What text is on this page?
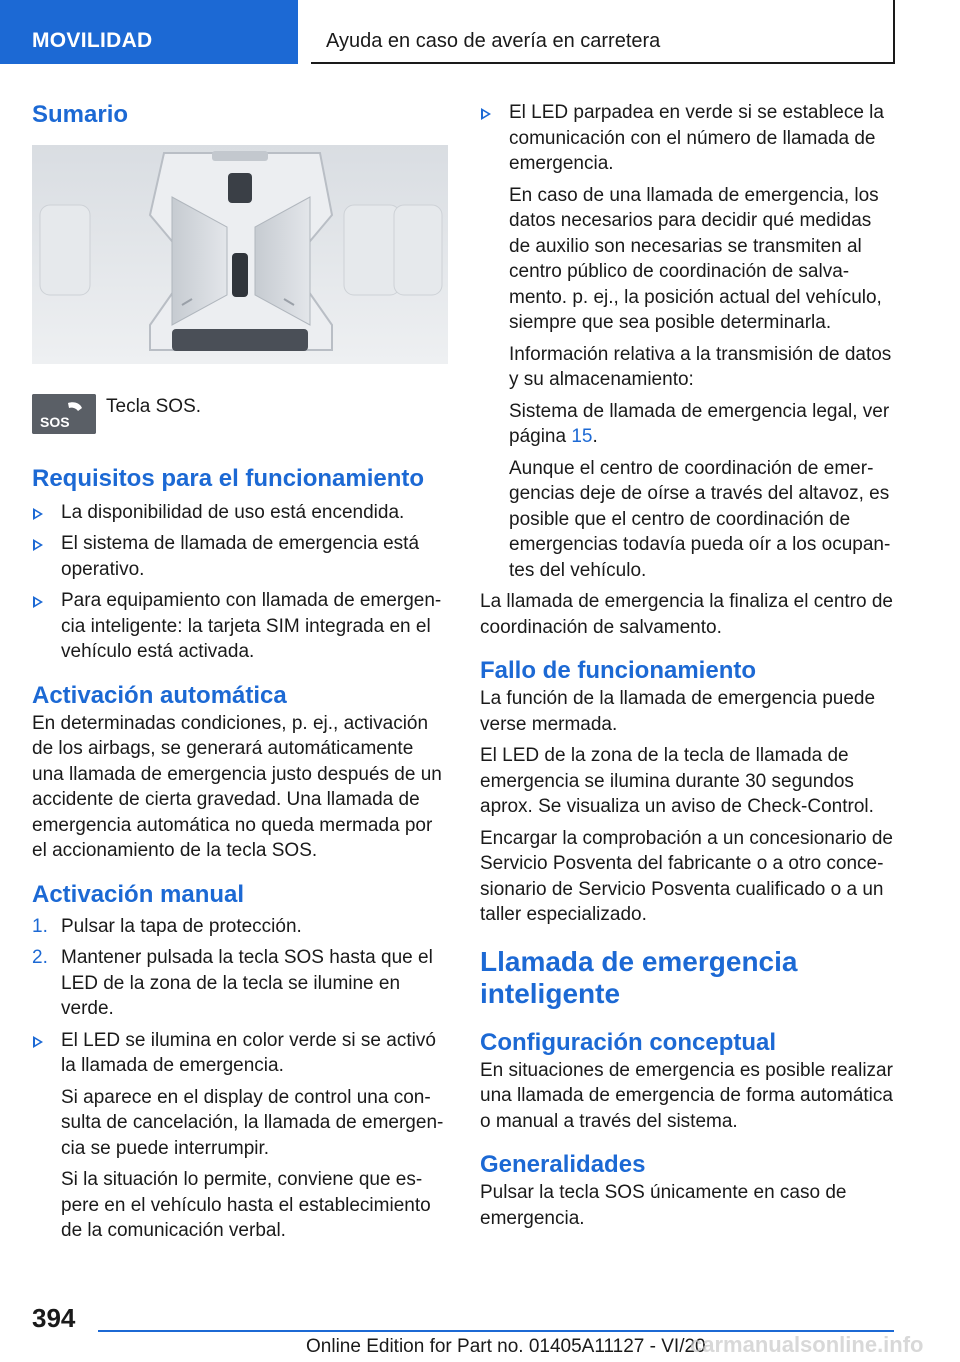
MOVILIDAD	Ayuda en caso de avería en carretera
Sumario
SOS
Tecla SOS.
Requisitos para el funcionamiento
La disponibilidad de uso está encendida.
El sistema de llamada de emergencia está operativo.
Para equipamiento con llamada de emergencia inteligente: la tarjeta SIM integrada en el vehículo está activada.
Activación automática
En determinadas condiciones, p. ej., activación de los airbags, se generará automáticamente una llamada de emergencia justo después de un accidente de cierta gravedad. Una llamada de emergencia automática no queda mermada por el accionamiento de la tecla SOS.
Activación manual
1. Pulsar la tapa de protección.
2. Mantener pulsada la tecla SOS hasta que el LED de la zona de la tecla se ilumine en verde.
El LED se ilumina en color verde si se activó la llamada de emergencia.
Si aparece en el display de control una consulta de cancelación, la llamada de emergencia se puede interrumpir.
Si la situación lo permite, conviene que espere en el vehículo hasta el establecimiento de la comunicación verbal.
El LED parpadea en verde si se establece la comunicación con el número de llamada de emergencia.
En caso de una llamada de emergencia, los datos necesarios para decidir qué medidas de auxilio son necesarias se transmiten al centro público de coordinación de salvamento. p. ej., la posición actual del vehículo, siempre que sea posible determinarla.
Información relativa a la transmisión de datos y su almacenamiento:
Sistema de llamada de emergencia legal, ver página 15.
Aunque el centro de coordinación de emergencias deje de oírse a través del altavoz, es posible que el centro de coordinación de emergencias todavía pueda oír a los ocupantes del vehículo.
La llamada de emergencia la finaliza el centro de coordinación de salvamento.
Fallo de funcionamiento
La función de la llamada de emergencia puede verse mermada.
El LED de la zona de la tecla de llamada de emergencia se ilumina durante 30 segundos aprox. Se visualiza un aviso de Check-Control.
Encargar la comprobación a un concesionario de Servicio Posventa del fabricante o a otro concesionario de Servicio Posventa cualificado o a un taller especializado.
Llamada de emergencia inteligente
Configuración conceptual
En situaciones de emergencia es posible realizar una llamada de emergencia de forma automática o manual a través del sistema.
Generalidades
Pulsar la tecla SOS únicamente en caso de emergencia.
394
Online Edition for Part no. 01405A11127 - VI/20
carmanualsonline.info
